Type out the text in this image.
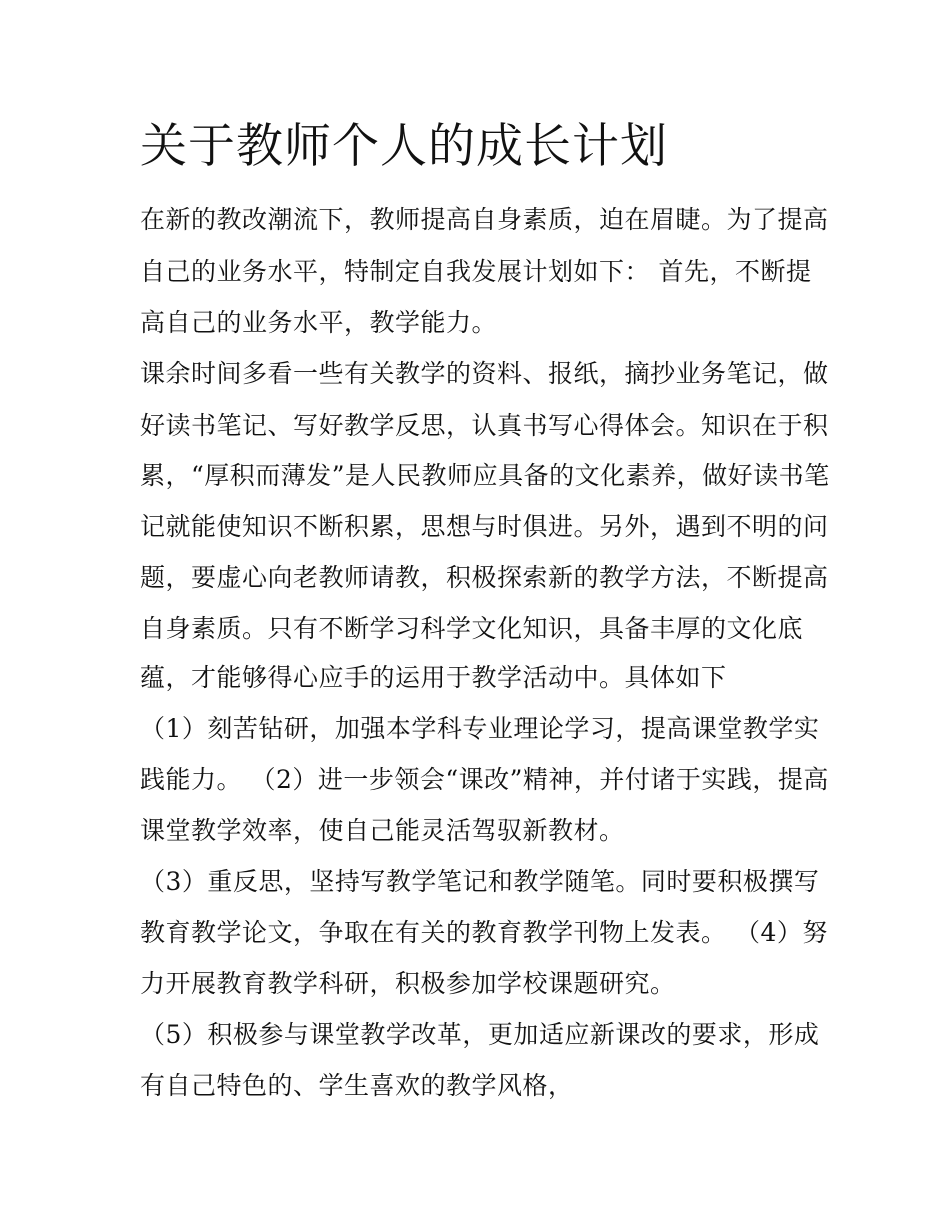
关于教师个人的成长计划

在新的教改潮流下，教师提高自身素质，迫在眉睫。为了提高

自己的业务水平，特制定自我发展计划如下： 首先，不断提

高自己的业务水平，教学能力。

课余时间多看一些有关教学的资料、报纸，摘抄业务笔记，做

好读书笔记、写好教学反思，认真书写心得体会。知识在于积

累，“厚积而薄发”是人民教师应具备的文化素养，做好读书笔

记就能使知识不断积累，思想与时俱进。另外，遇到不明的问

题，要虚心向老教师请教，积极探索新的教学方法，不断提高

自身素质。只有不断学习科学文化知识，具备丰厚的文化底

蕴，才能够得心应手的运用于教学活动中。具体如下

（1）刻苦钻研，加强本学科专业理论学习，提高课堂教学实

践能力。 （2）进一步领会“课改”精神，并付诸于实践，提高

课堂教学效率，使自己能灵活驾驭新教材。

（3）重反思，坚持写教学笔记和教学随笔。同时要积极撰写

教育教学论文，争取在有关的教育教学刊物上发表。 （4）努

力开展教育教学科研，积极参加学校课题研究。

（5）积极参与课堂教学改革，更加适应新课改的要求，形成

有自己特色的、学生喜欢的教学风格，
